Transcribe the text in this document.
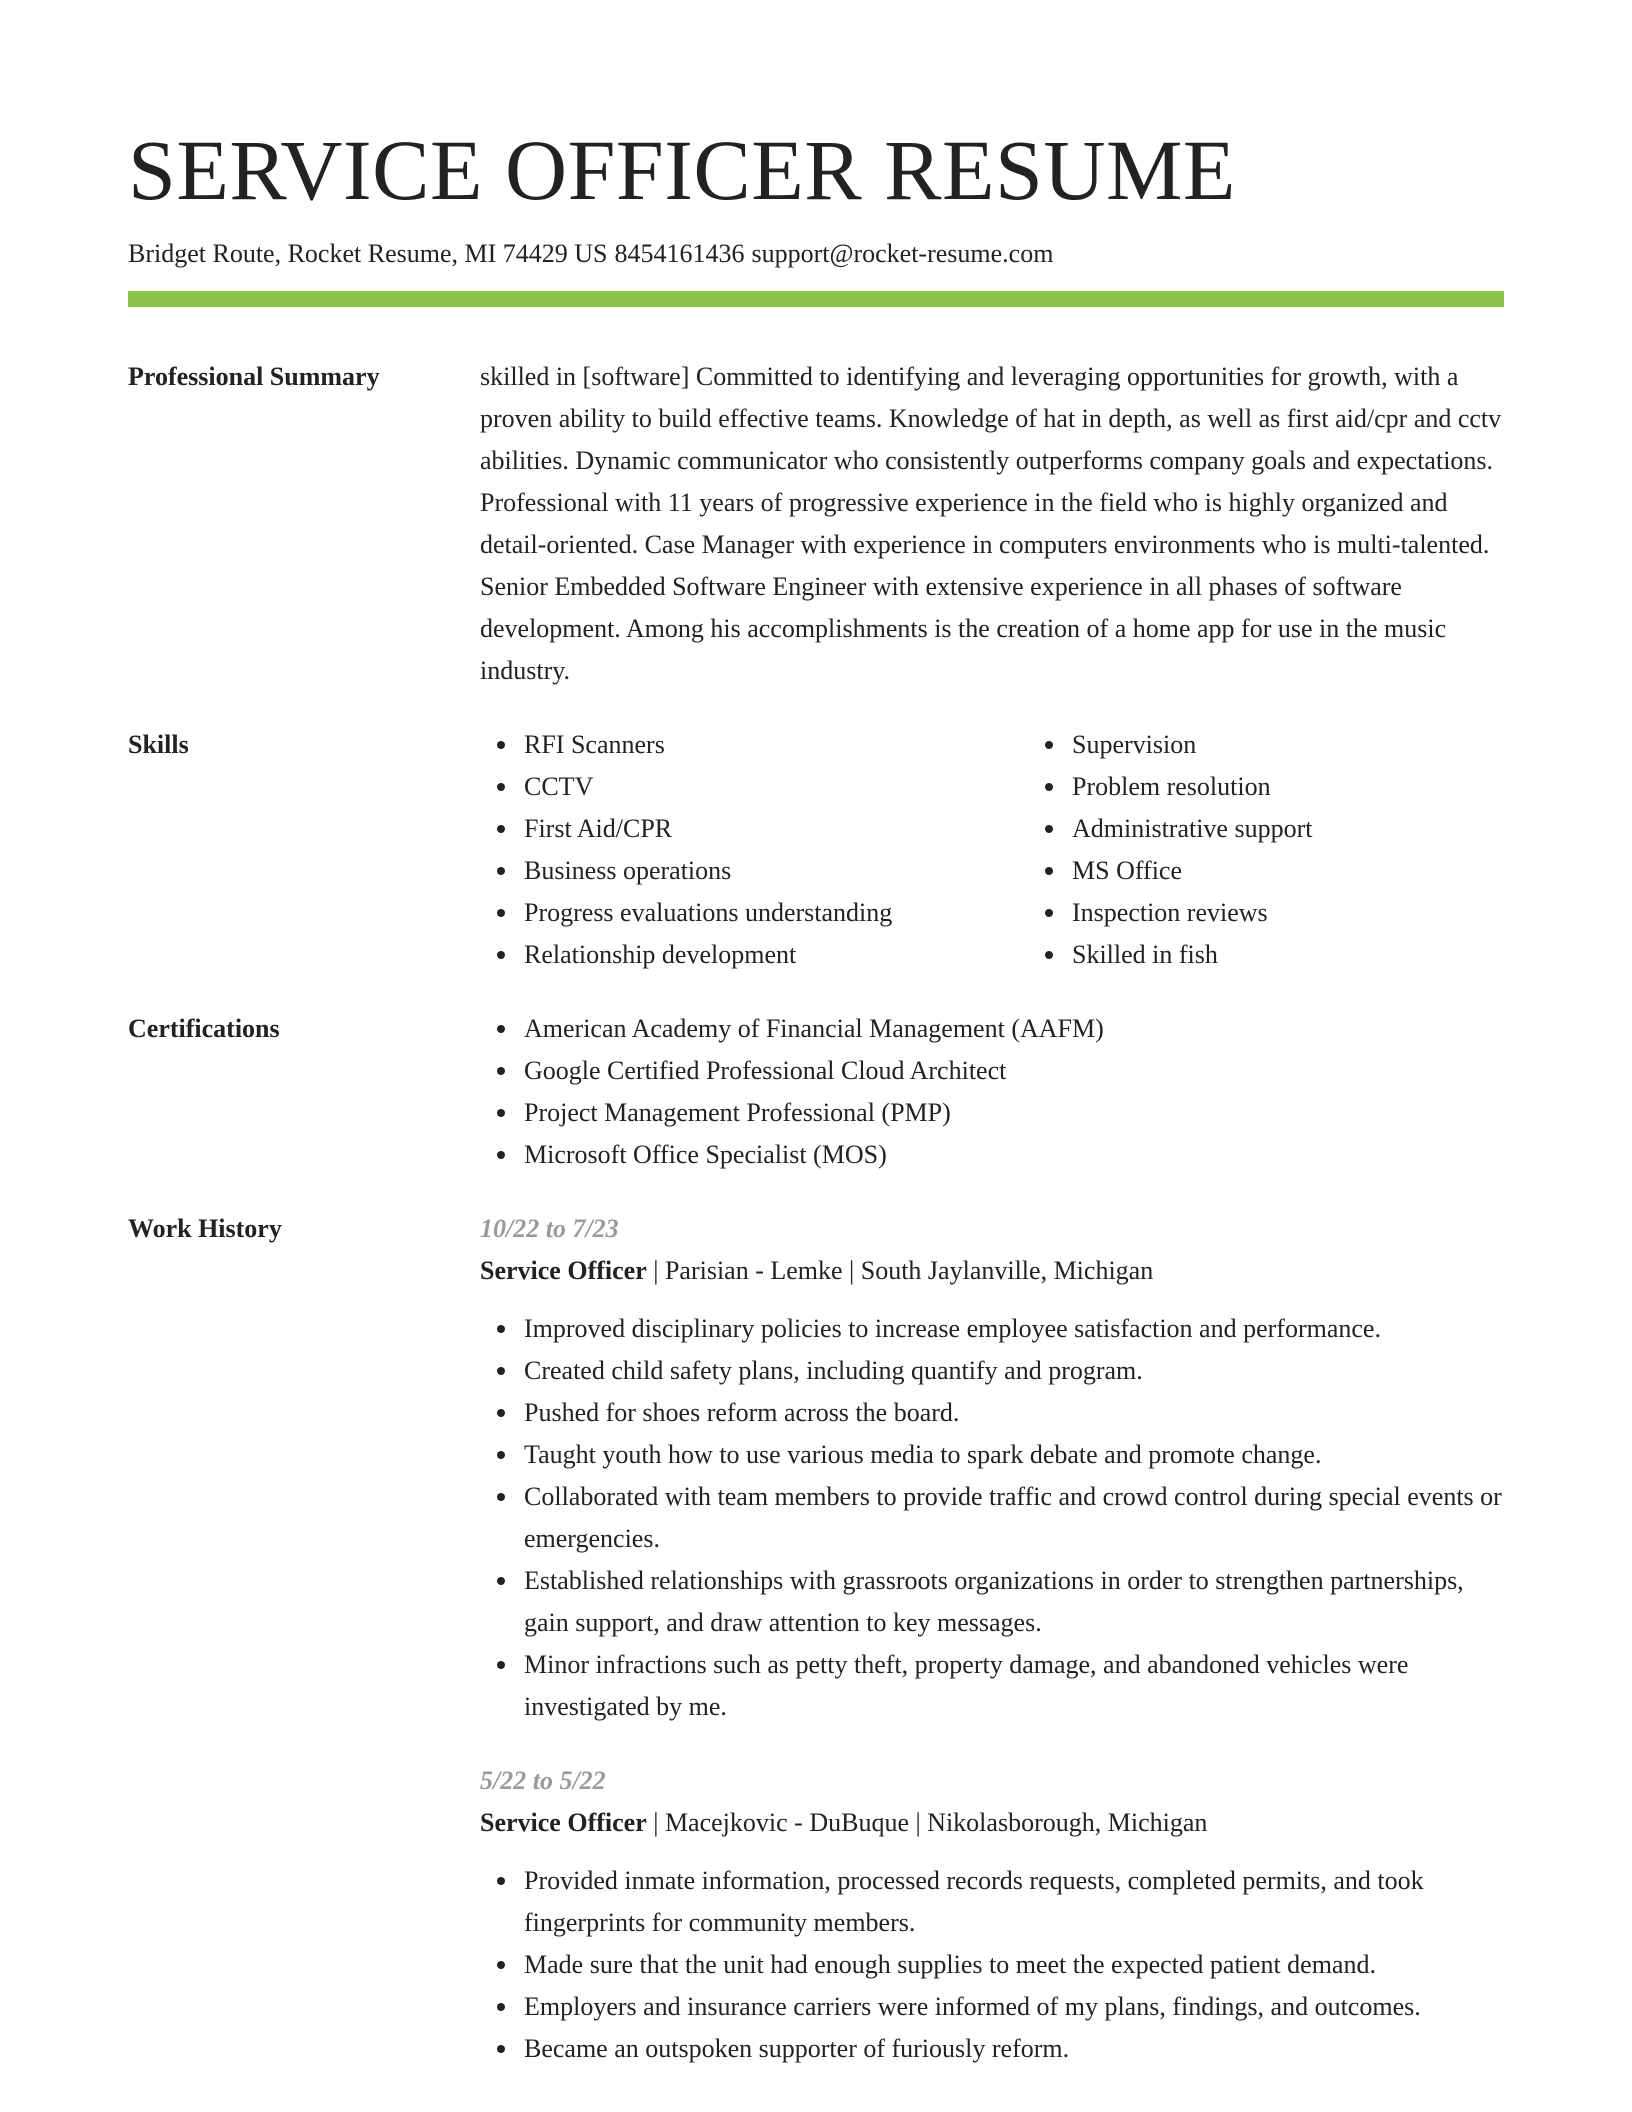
SERVICE OFFICER RESUME
Bridget Route, Rocket Resume, MI 74429 US 8454161436 support@rocket-resume.com
Professional Summary	skilled in [software] Committed to identifying and leveraging opportunities for growth, with a proven ability to build effective teams. Knowledge of hat in depth, as well as first aid/cpr and cctv abilities. Dynamic communicator who consistently outperforms company goals and expectations. Professional with 11 years of progressive experience in the field who is highly organized and detail-oriented. Case Manager with experience in computers environments who is multi-talented. Senior Embedded Software Engineer with extensive experience in all phases of software development. Among his accomplishments is the creation of a home app for use in the music industry.
Skills	RFI Scanners
CCTV
First Aid/CPR
Business operations
Progress evaluations understanding
Relationship development
Supervision
Problem resolution
Administrative support
MS Office
Inspection reviews
Skilled in fish
Certifications	American Academy of Financial Management (AAFM)
Google Certified Professional Cloud Architect
Project Management Professional (PMP)
Microsoft Office Specialist (MOS)
Work History	10/22 to 7/23
Service Officer | Parisian - Lemke | South Jaylanville, Michigan
Improved disciplinary policies to increase employee satisfaction and performance.
Created child safety plans, including quantify and program.
Pushed for shoes reform across the board.
Taught youth how to use various media to spark debate and promote change.
Collaborated with team members to provide traffic and crowd control during special events or emergencies.
Established relationships with grassroots organizations in order to strengthen partnerships, gain support, and draw attention to key messages.
Minor infractions such as petty theft, property damage, and abandoned vehicles were investigated by me.
5/22 to 5/22
Service Officer | Macejkovic - DuBuque | Nikolasborough, Michigan
Provided inmate information, processed records requests, completed permits, and took fingerprints for community members.
Made sure that the unit had enough supplies to meet the expected patient demand.
Employers and insurance carriers were informed of my plans, findings, and outcomes.
Became an outspoken supporter of furiously reform.
